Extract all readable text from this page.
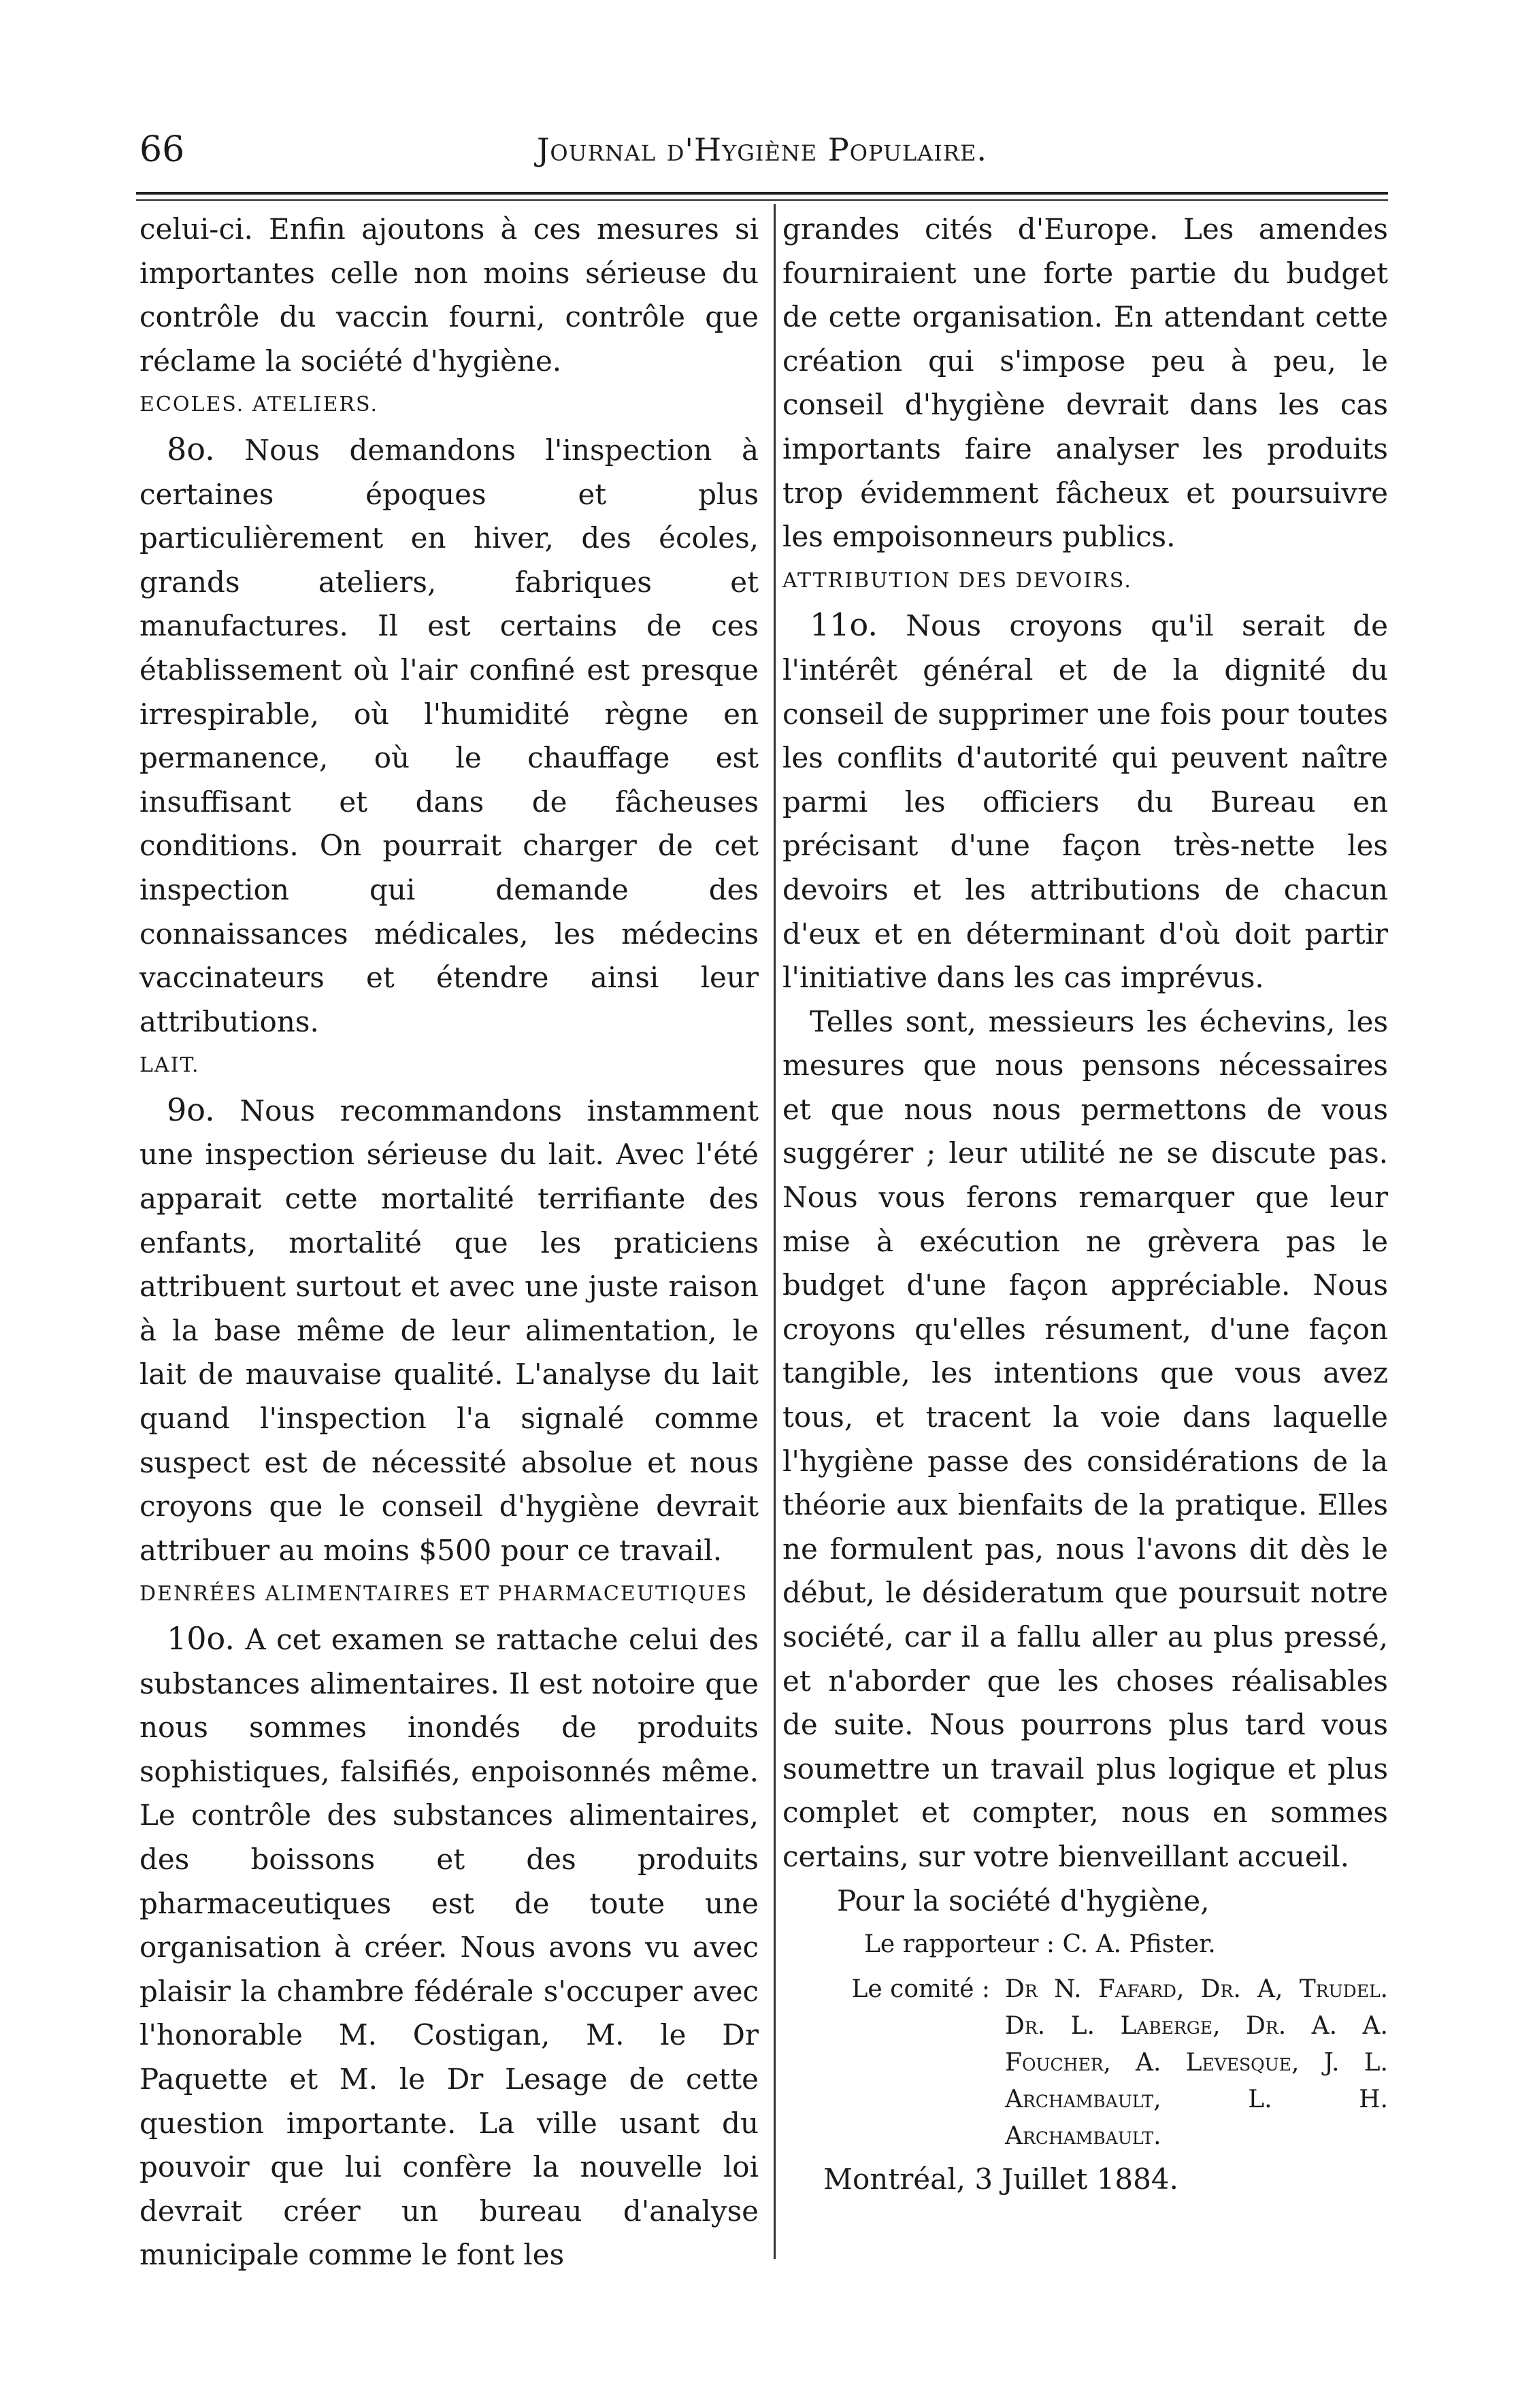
66	Journal d'Hygiène Populaire.

celui-ci. Enfin ajoutons à ces mesures si importantes celle non moins sérieuse du contrôle du vaccin fourni, contrôle que réclame la société d'hygiène.

ECOLES. ATELIERS.

8o. Nous demandons l'inspection à certaines époques et plus particulièrement en hiver, des écoles, grands ateliers, fabriques et manufactures. Il est certains de ces établissement où l'air confiné est presque irrespirable, où l'humidité règne en permanence, où le chauffage est insuffisant et dans de fâcheuses conditions. On pourrait charger de cet inspection qui demande des connaissances médicales, les médecins vaccinateurs et étendre ainsi leur attributions.

LAIT.

9o. Nous recommandons instamment une inspection sérieuse du lait. Avec l'été apparait cette mortalité terrifiante des enfants, mortalité que les praticiens attribuent surtout et avec une juste raison à la base même de leur alimentation, le lait de mauvaise qualité. L'analyse du lait quand l'inspection l'a signalé comme suspect est de nécessité absolue et nous croyons que le conseil d'hygiène devrait attribuer au moins $500 pour ce travail.

DENRÉES ALIMENTAIRES ET PHARMACEUTIQUES

10o. A cet examen se rattache celui des substances alimentaires. Il est notoire que nous sommes inondés de produits sophistiques, falsifiés, enpoisonnés même. Le contrôle des substances alimentaires, des boissons et des produits pharmaceutiques est de toute une organisation à créer. Nous avons vu avec plaisir la chambre fédérale s'occuper avec l'honorable M. Costigan, M. le Dr Paquette et M. le Dr Lesage de cette question importante. La ville usant du pouvoir que lui confère la nouvelle loi devrait créer un bureau d'analyse municipale comme le font les

grandes cités d'Europe. Les amendes fourniraient une forte partie du budget de cette organisation. En attendant cette création qui s'impose peu à peu, le conseil d'hygiène devrait dans les cas importants faire analyser les produits trop évidemment fâcheux et poursuivre les empoisonneurs publics.

ATTRIBUTION DES DEVOIRS.

11o. Nous croyons qu'il serait de l'intérêt général et de la dignité du conseil de supprimer une fois pour toutes les conflits d'autorité qui peuvent naître parmi les officiers du Bureau en précisant d'une façon très-nette les devoirs et les attributions de chacun d'eux et en déterminant d'où doit partir l'initiative dans les cas imprévus.

Telles sont, messieurs les échevins, les mesures que nous pensons nécessaires et que nous nous permettons de vous suggérer ; leur utilité ne se discute pas. Nous vous ferons remarquer que leur mise à exécution ne grèvera pas le budget d'une façon appréciable. Nous croyons qu'elles résument, d'une façon tangible, les intentions que vous avez tous, et tracent la voie dans laquelle l'hygiène passe des considérations de la théorie aux bienfaits de la pratique. Elles ne formulent pas, nous l'avons dit dès le début, le désideratum que poursuit notre société, car il a fallu aller au plus pressé, et n'aborder que les choses réalisables de suite. Nous pourrons plus tard vous soumettre un travail plus logique et plus complet et compter, nous en sommes certains, sur votre bienveillant accueil.

Pour la société d'hygiène,

Le rapporteur : C. A. Pfister.

Le comité : Dr N. Fafard, Dr. A, Trudel. Dr. L. Laberge, Dr. A. A. Foucher, A. Levesque, J. L. Archambault, L. H. Archambault.

Montréal, 3 Juillet 1884.
